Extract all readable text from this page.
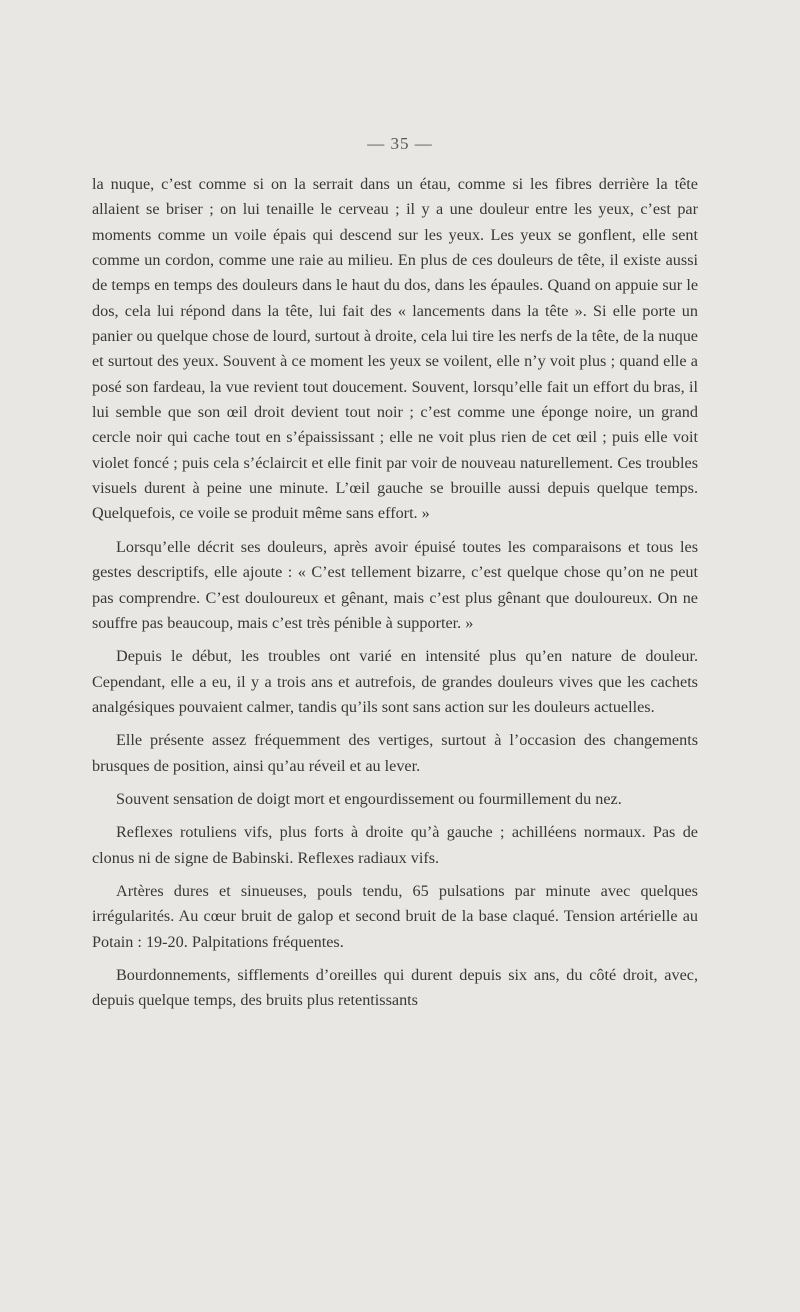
— 35 —

la nuque, c’est comme si on la serrait dans un étau, comme si les fibres derrière la tête allaient se briser ; on lui tenaille le cerveau ; il y a une douleur entre les yeux, c’est par moments comme un voile épais qui descend sur les yeux. Les yeux se gonflent, elle sent comme un cordon, comme une raie au milieu. En plus de ces douleurs de tête, il existe aussi de temps en temps des douleurs dans le haut du dos, dans les épaules. Quand on appuie sur le dos, cela lui répond dans la tête, lui fait des « lancements dans la tête ». Si elle porte un panier ou quelque chose de lourd, surtout à droite, cela lui tire les nerfs de la tête, de la nuque et surtout des yeux. Souvent à ce moment les yeux se voilent, elle n’y voit plus ; quand elle a posé son fardeau, la vue revient tout doucement. Souvent, lorsqu’elle fait un effort du bras, il lui semble que son œil droit devient tout noir ; c’est comme une éponge noire, un grand cercle noir qui cache tout en s’épaississant ; elle ne voit plus rien de cet œil ; puis elle voit violet foncé ; puis cela s’éclaircit et elle finit par voir de nouveau naturellement. Ces troubles visuels durent à peine une minute. L’œil gauche se brouille aussi depuis quelque temps. Quelquefois, ce voile se produit même sans effort. »

Lorsqu’elle décrit ses douleurs, après avoir épuisé toutes les comparaisons et tous les gestes descriptifs, elle ajoute : « C’est tellement bizarre, c’est quelque chose qu’on ne peut pas comprendre. C’est douloureux et gênant, mais c’est plus gênant que douloureux. On ne souffre pas beaucoup, mais c’est très pénible à supporter. »

Depuis le début, les troubles ont varié en intensité plus qu’en nature de douleur. Cependant, elle a eu, il y a trois ans et autrefois, de grandes douleurs vives que les cachets analgésiques pouvaient calmer, tandis qu’ils sont sans action sur les douleurs actuelles.

Elle présente assez fréquemment des vertiges, surtout à l’occasion des changements brusques de position, ainsi qu’au réveil et au lever.

Souvent sensation de doigt mort et engourdissement ou fourmillement du nez.

Reflexes rotuliens vifs, plus forts à droite qu’à gauche ; achilléens normaux. Pas de clonus ni de signe de Babinski. Reflexes radiaux vifs.

Artères dures et sinueuses, pouls tendu, 65 pulsations par minute avec quelques irrégularités. Au cœur bruit de galop et second bruit de la base claqué. Tension artérielle au Potain : 19-20. Palpitations fréquentes.

Bourdonnements, sifflements d’oreilles qui durent depuis six ans, du côté droit, avec, depuis quelque temps, des bruits plus retentissants
